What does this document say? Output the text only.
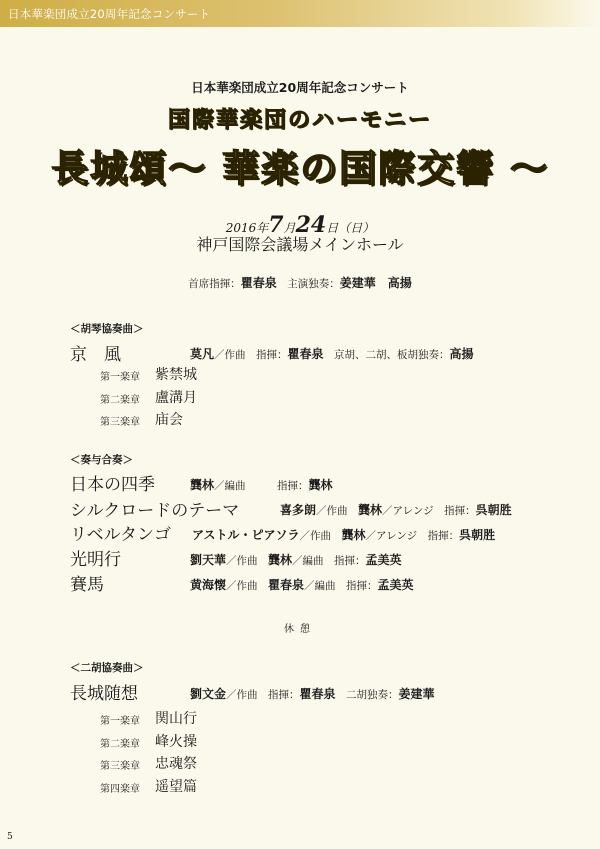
日本華楽団成立20周年記念コンサート
日本華楽団成立20周年記念コンサート
国際華楽団のハーモニー
長城頌～ 華楽の国際交響 ～
2016年7月24日（日）
神戸国際会議場メインホール
首席指揮：瞿春泉　 主演独奏：姜建華　高揚
＜胡琴協奏曲＞
京　風	莫凡／作曲　指揮：瞿春泉　京胡、二胡、板胡独奏：高揚
第一楽章 紫禁城
第二楽章 盧溝月
第三楽章 庙会
＜奏与合奏＞
日本の四季	龔林／編曲　　　	指揮：龔林
シルクロードのテーマ	喜多朗／作曲　 龔林／アレンジ　 指揮：呉朝胜
リベルタンゴ アストル・ピアソラ／作曲　 龔林／アレンジ　 指揮：呉朝胜
光明行	劉天華／作曲　 龔林／編曲　 指揮：孟美英
賽馬	黄海懐／作曲　 瞿春泉／編曲　 指揮：孟美英
休憩
＜二胡協奏曲＞
長城随想	劉文金／作曲　 指揮：瞿春泉　 二胡独奏：姜建華
第一楽章 関山行
第二楽章 峰火操
第三楽章 忠魂祭
第四楽章 遥望篇
5
